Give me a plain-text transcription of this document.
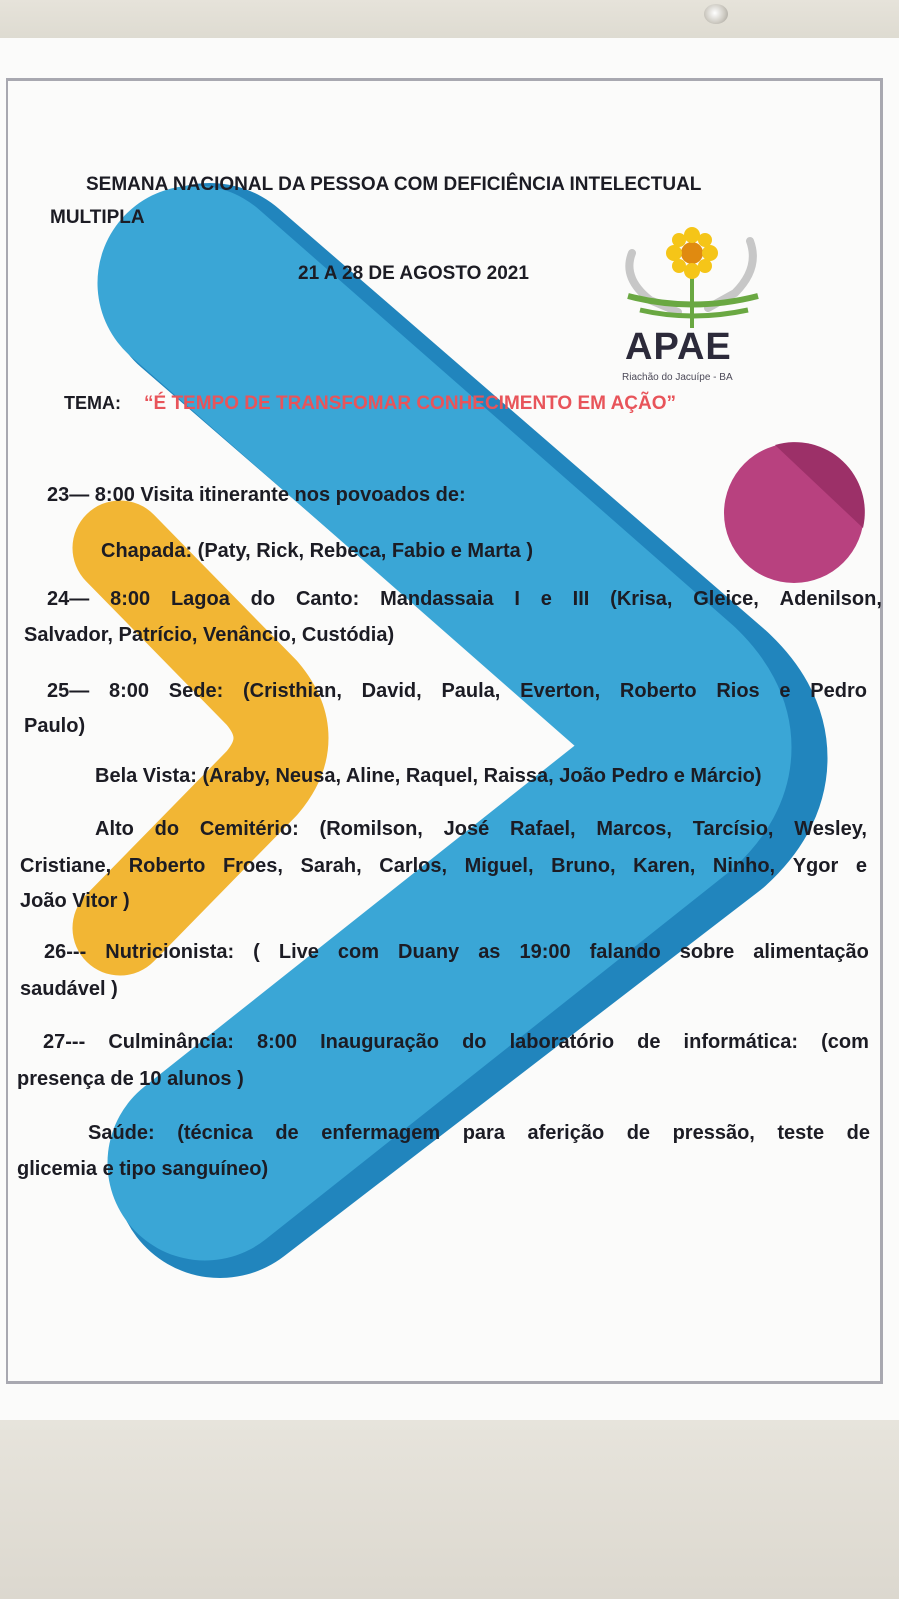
APAE
Riachão do Jacuípe - BA
SEMANA NACIONAL DA PESSOA COM DEFICIÊNCIA INTELECTUAL
MULTIPLA
21 A 28 DE AGOSTO 2021
TEMA: “É TEMPO DE TRANSFOMAR CONHECIMENTO EM AÇÃO”
23— 8:00 Visita itinerante nos povoados de:
Chapada: (Paty, Rick, Rebeca, Fabio e Marta )
24— 8:00 Lagoa do Canto: Mandassaia I e III (Krisa, Gleice, Adenilson,
Salvador, Patrício, Venâncio, Custódia)
25— 8:00 Sede: (Cristhian, David, Paula, Everton, Roberto Rios e Pedro
Paulo)
Bela Vista: (Araby, Neusa, Aline, Raquel, Raissa, João Pedro e Márcio)
Alto do Cemitério: (Romilson, José Rafael, Marcos, Tarcísio, Wesley,
Cristiane, Roberto Froes, Sarah, Carlos, Miguel, Bruno, Karen, Ninho, Ygor e
João Vitor )
26--- Nutricionista: ( Live com Duany as 19:00 falando sobre alimentação
saudável )
27--- Culminância: 8:00 Inauguração do laboratório de informática: (com
presença de 10 alunos )
Saúde: (técnica de enfermagem para aferição de pressão, teste de
glicemia e tipo sanguíneo)
